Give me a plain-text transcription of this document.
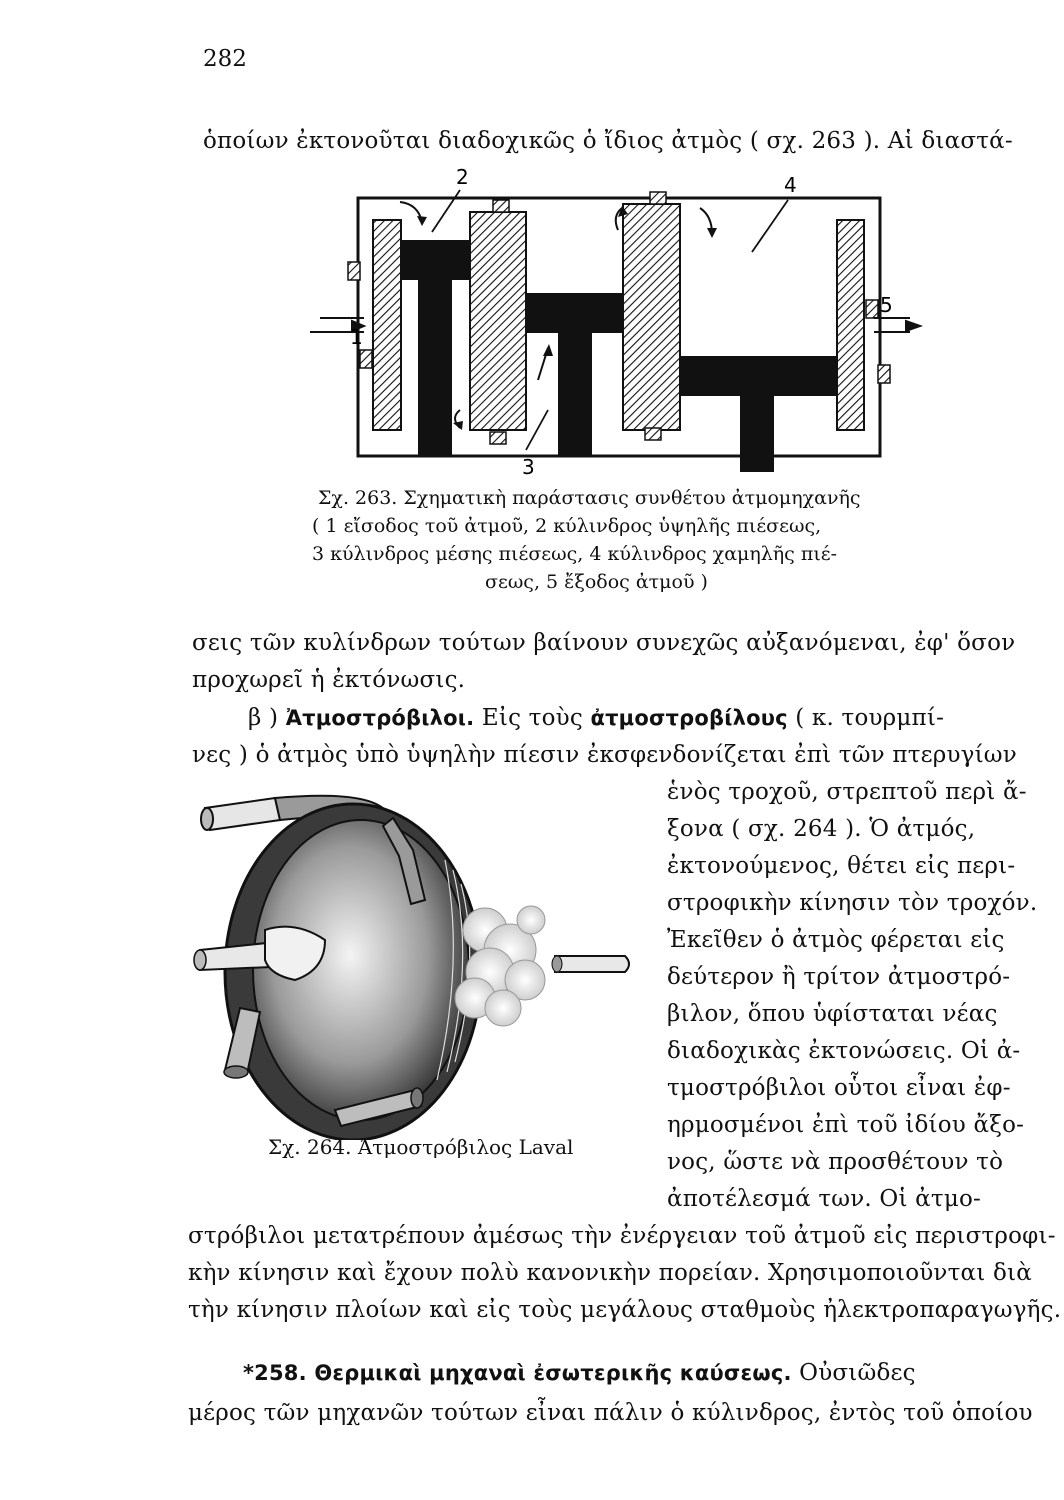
282
ὁποίων ἐκτονοῦται διαδοχικῶς ὁ ἴδιος ἀτμὸς ( σχ. 263 ). Αἱ διαστά-
1
2
3
4
5
Σχ. 263. Σχηματικὴ παράστασις συνθέτου ἀτμομηχανῆς
( 1 εἴσοδος τοῦ ἀτμοῦ, 2 κύλινδρος ὑψηλῆς πιέσεως,
3 κύλινδρος μέσης πιέσεως, 4 κύλινδρος χαμηλῆς πιέ-
σεως, 5 ἔξοδος ἀτμοῦ )
σεις τῶν κυλίνδρων τούτων βαίνουν συνεχῶς αὐξανόμεναι, ἐφ' ὅσον
προχωρεῖ ἡ ἐκτόνωσις.
β ) Ἀτμοστρόβιλοι. Εἰς τοὺς ἀτμοστροβίλους ( κ. τουρμπί-
νες ) ὁ ἀτμὸς ὑπὸ ὑψηλὴν πίεσιν ἐκσφενδονίζεται ἐπὶ τῶν πτερυγίων
Σχ. 264. Ἀτμοστρόβιλος Laval
ἑνὸς τροχοῦ, στρεπτοῦ περὶ ἄ-
ξονα ( σχ. 264 ). Ὁ ἀτμός,
ἐκτονούμενος, θέτει εἰς περι-
στροφικὴν κίνησιν τὸν τροχόν.
Ἐκεῖθεν ὁ ἀτμὸς φέρεται εἰς
δεύτερον ἢ τρίτον ἀτμοστρό-
βιλον, ὅπου ὑφίσταται νέας
διαδοχικὰς ἐκτονώσεις. Οἱ ἀ-
τμοστρόβιλοι οὗτοι εἶναι ἐφ-
ηρμοσμένοι ἐπὶ τοῦ ἰδίου ἄξο-
νος, ὥστε νὰ προσθέτουν τὸ
ἀποτέλεσμά των. Οἱ ἀτμο-
στρόβιλοι μετατρέπουν ἀμέσως τὴν ἐνέργειαν τοῦ ἀτμοῦ εἰς περιστροφι-
κὴν κίνησιν καὶ ἔχουν πολὺ κανονικὴν πορείαν. Χρησιμοποιοῦνται διὰ
τὴν κίνησιν πλοίων καὶ εἰς τοὺς μεγάλους σταθμοὺς ἠλεκτροπαραγωγῆς.
*258. Θερμικαὶ μηχαναὶ ἐσωτερικῆς καύσεως. Οὐσιῶδες
μέρος τῶν μηχανῶν τούτων εἶναι πάλιν ὁ κύλινδρος, ἐντὸς τοῦ ὁποίου
